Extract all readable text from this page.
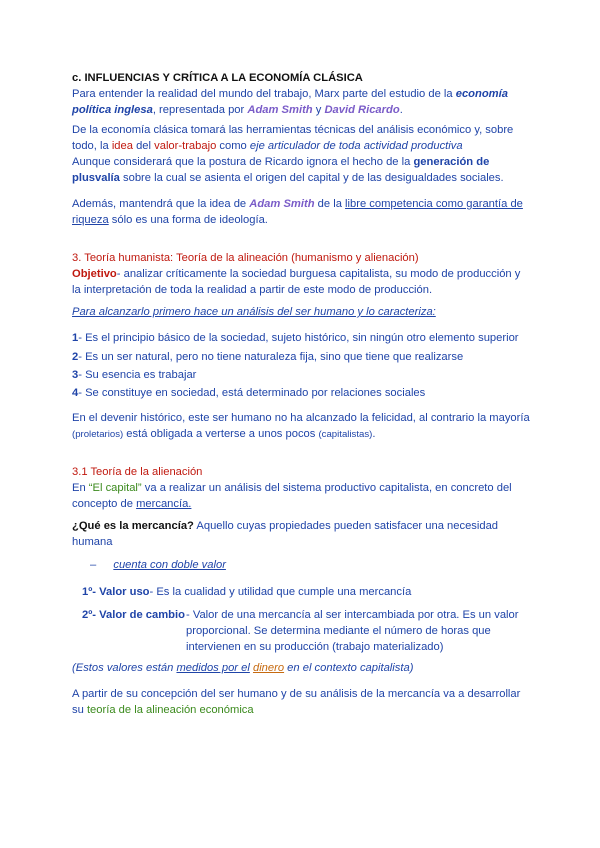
c. INFLUENCIAS Y CRÍTICA A LA ECONOMÍA CLÁSICA

Para entender la realidad del mundo del trabajo, Marx parte del estudio de la economía política inglesa, representada por Adam Smith y David Ricardo.

De la economía clásica tomará las herramientas técnicas del análisis económico y, sobre todo, la idea del valor-trabajo como eje articulador de toda actividad productiva

Aunque considerará que la postura de Ricardo ignora el hecho de la generación de plusvalía sobre la cual se asienta el origen del capital y de las desigualdades sociales.

Además, mantendrá que la idea de Adam Smith de la libre competencia como garantía de riqueza sólo es una forma de ideología.

3. Teoría humanista: Teoría de la alineación (humanismo y alienación)

Objetivo- analizar críticamente la sociedad burguesa capitalista, su modo de producción y la interpretación de toda la realidad a partir de este modo de producción.

Para alcanzarlo primero hace un análisis del ser humano y lo caracteriza:

1- Es el principio básico de la sociedad, sujeto histórico, sin ningún otro elemento superior

2- Es un ser natural, pero no tiene naturaleza fija, sino que tiene que realizarse

3- Su esencia es trabajar

4- Se constituye en sociedad, está determinado por relaciones sociales

En el devenir histórico, este ser humano no ha alcanzado la felicidad, al contrario la mayoría (proletarios) está obligada a verterse a unos pocos (capitalistas).

3.1 Teoría de la alienación

En “El capital” va a realizar un análisis del sistema productivo capitalista, en concreto del concepto de mercancía.

¿Qué es la mercancía? Aquello cuyas propiedades pueden satisfacer una necesidad humana

– cuenta con doble valor

1º- Valor uso- Es la cualidad y utilidad que cumple una mercancía

2º- Valor de cambio - Valor de una mercancía al ser intercambiada por otra. Es un valor proporcional. Se determina mediante el número de horas que intervienen en su producción (trabajo materializado)

(Estos valores están medidos por el dinero en el contexto capitalista)

A partir de su concepción del ser humano y de su análisis de la mercancía va a desarrollar su teoría de la alineación económica
